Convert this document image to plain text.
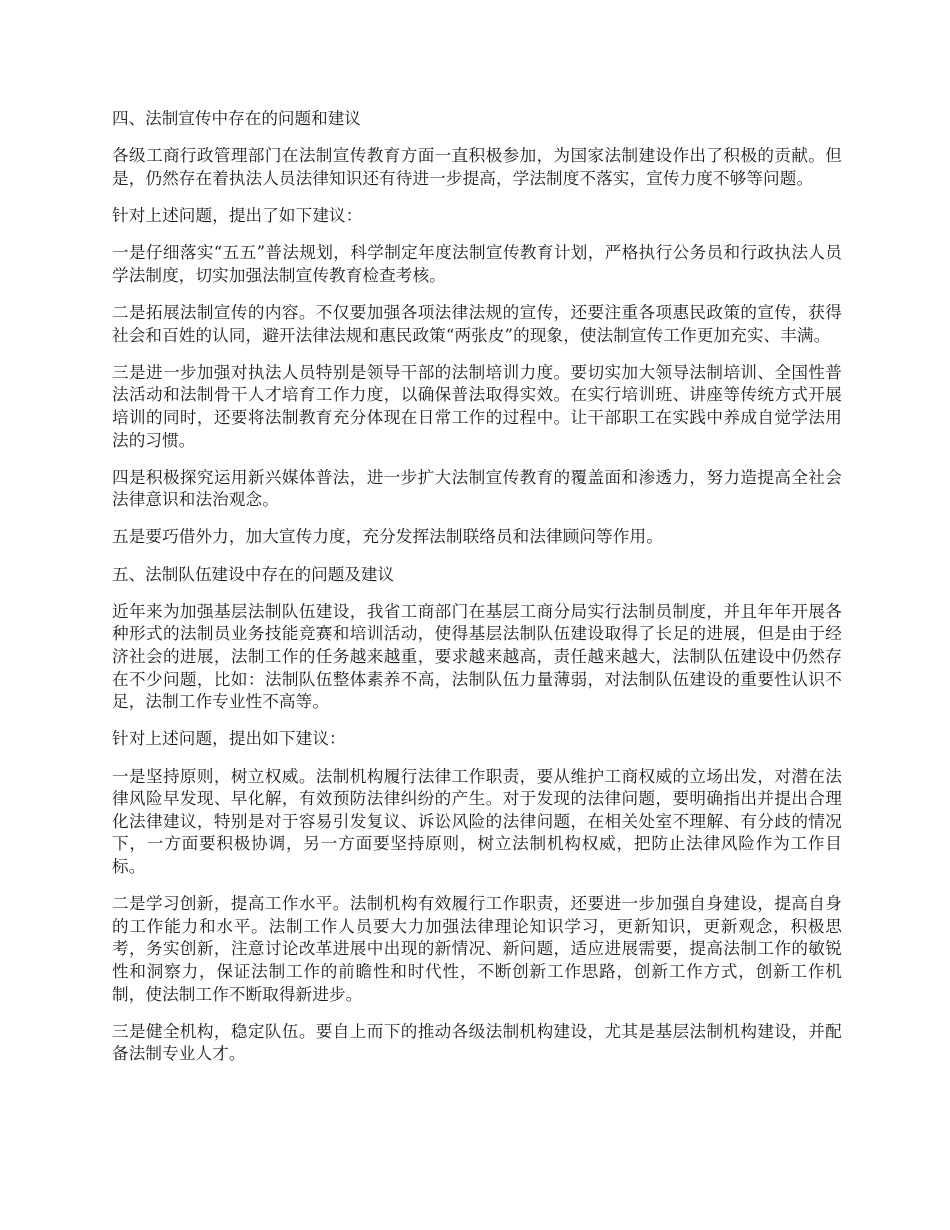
四、法制宣传中存在的问题和建议

各级工商行政管理部门在法制宣传教育方面一直积极参加，为国家法制建设作出了积极的贡献。但是，仍然存在着执法人员法律知识还有待进一步提高，学法制度不落实，宣传力度不够等问题。

针对上述问题，提出了如下建议：

一是仔细落实“五五”普法规划，科学制定年度法制宣传教育计划，严格执行公务员和行政执法人员学法制度，切实加强法制宣传教育检查考核。

二是拓展法制宣传的内容。不仅要加强各项法律法规的宣传，还要注重各项惠民政策的宣传，获得社会和百姓的认同，避开法律法规和惠民政策“两张皮”的现象，使法制宣传工作更加充实、丰满。

三是进一步加强对执法人员特别是领导干部的法制培训力度。要切实加大领导法制培训、全国性普法活动和法制骨干人才培育工作力度，以确保普法取得实效。在实行培训班、讲座等传统方式开展培训的同时，还要将法制教育充分体现在日常工作的过程中。让干部职工在实践中养成自觉学法用法的习惯。

四是积极探究运用新兴媒体普法，进一步扩大法制宣传教育的覆盖面和渗透力，努力造提高全社会法律意识和法治观念。

五是要巧借外力，加大宣传力度，充分发挥法制联络员和法律顾问等作用。

五、法制队伍建设中存在的问题及建议

近年来为加强基层法制队伍建设，我省工商部门在基层工商分局实行法制员制度，并且年年开展各种形式的法制员业务技能竞赛和培训活动，使得基层法制队伍建设取得了长足的进展，但是由于经济社会的进展，法制工作的任务越来越重，要求越来越高，责任越来越大，法制队伍建设中仍然存在不少问题，比如：法制队伍整体素养不高，法制队伍力量薄弱，对法制队伍建设的重要性认识不足，法制工作专业性不高等。

针对上述问题，提出如下建议：

一是坚持原则，树立权威。法制机构履行法律工作职责，要从维护工商权威的立场出发，对潜在法律风险早发现、早化解，有效预防法律纠纷的产生。对于发现的法律问题，要明确指出并提出合理化法律建议，特别是对于容易引发复议、诉讼风险的法律问题，在相关处室不理解、有分歧的情况下，一方面要积极协调，另一方面要坚持原则，树立法制机构权威，把防止法律风险作为工作目标。

二是学习创新，提高工作水平。法制机构有效履行工作职责，还要进一步加强自身建设，提高自身的工作能力和水平。法制工作人员要大力加强法律理论知识学习，更新知识，更新观念，积极思考，务实创新，注意讨论改革进展中出现的新情况、新问题，适应进展需要，提高法制工作的敏锐性和洞察力，保证法制工作的前瞻性和时代性，不断创新工作思路，创新工作方式，创新工作机制，使法制工作不断取得新进步。

三是健全机构，稳定队伍。要自上而下的推动各级法制机构建设，尤其是基层法制机构建设，并配备法制专业人才。
